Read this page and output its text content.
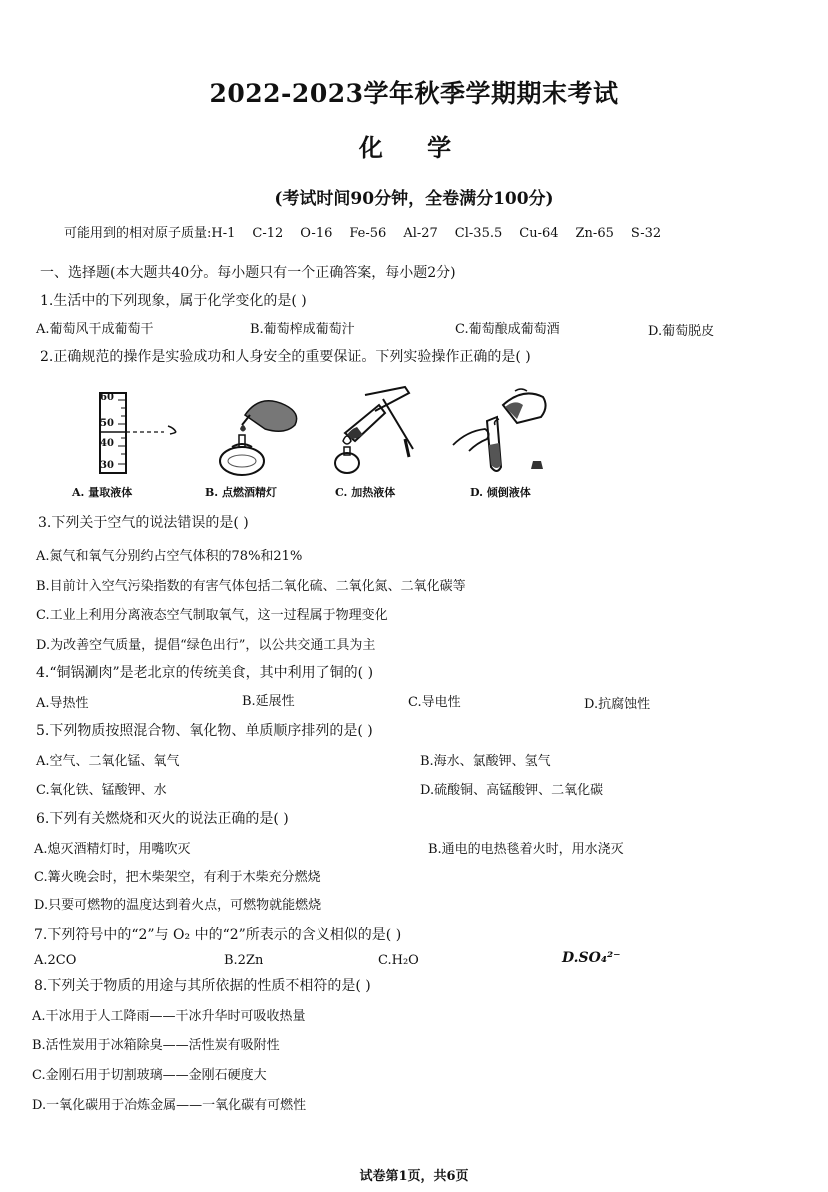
2022-2023学年秋季学期期末考试
化 学
(考试时间90分钟，全卷满分100分)
可能用到的相对原子质量:H-1 C-12 O-16 Fe-56 Al-27 Cl-35.5 Cu-64 Zn-65 S-32
一、选择题(本大题共40分。每小题只有一个正确答案，每小题2分)
1.生活中的下列现象，属于化学变化的是( )
A.葡萄风干成葡萄干	B.葡萄榨成葡萄汁	C.葡萄酿成葡萄酒	D.葡萄脱皮
2.正确规范的操作是实验成功和人身安全的重要保证。下列实验操作正确的是( )
60
50
40
30
A. 量取液体	B. 点燃酒精灯	C. 加热液体	D. 倾倒液体
3.下列关于空气的说法错误的是( )
A.氮气和氧气分别约占空气体积的78%和21%
B.目前计入空气污染指数的有害气体包括二氧化硫、二氧化氮、二氧化碳等
C.工业上利用分离液态空气制取氧气，这一过程属于物理变化
D.为改善空气质量，提倡“绿色出行”，以公共交通工具为主
4.“铜锅涮肉”是老北京的传统美食，其中利用了铜的( )
A.导热性	B.延展性	C.导电性	D.抗腐蚀性
5.下列物质按照混合物、氧化物、单质顺序排列的是( )
A.空气、二氧化锰、氧气	B.海水、氯酸钾、氢气
C.氧化铁、锰酸钾、水	D.硫酸铜、高锰酸钾、二氧化碳
6.下列有关燃烧和灭火的说法正确的是( )
A.熄灭酒精灯时，用嘴吹灭	B.通电的电热毯着火时，用水浇灭
C.篝火晚会时，把木柴架空，有利于木柴充分燃烧
D.只要可燃物的温度达到着火点，可燃物就能燃烧
7.下列符号中的“2”与 O₂ 中的“2”所表示的含义相似的是( )
A.2CO	B.2Zn	C.H₂O	D.SO₄²⁻
8.下列关于物质的用途与其所依据的性质不相符的是( )
A.干冰用于人工降雨——干冰升华时可吸收热量
B.活性炭用于冰箱除臭——活性炭有吸附性
C.金刚石用于切割玻璃——金刚石硬度大
D.一氧化碳用于冶炼金属——一氧化碳有可燃性
试卷第1页，共6页
